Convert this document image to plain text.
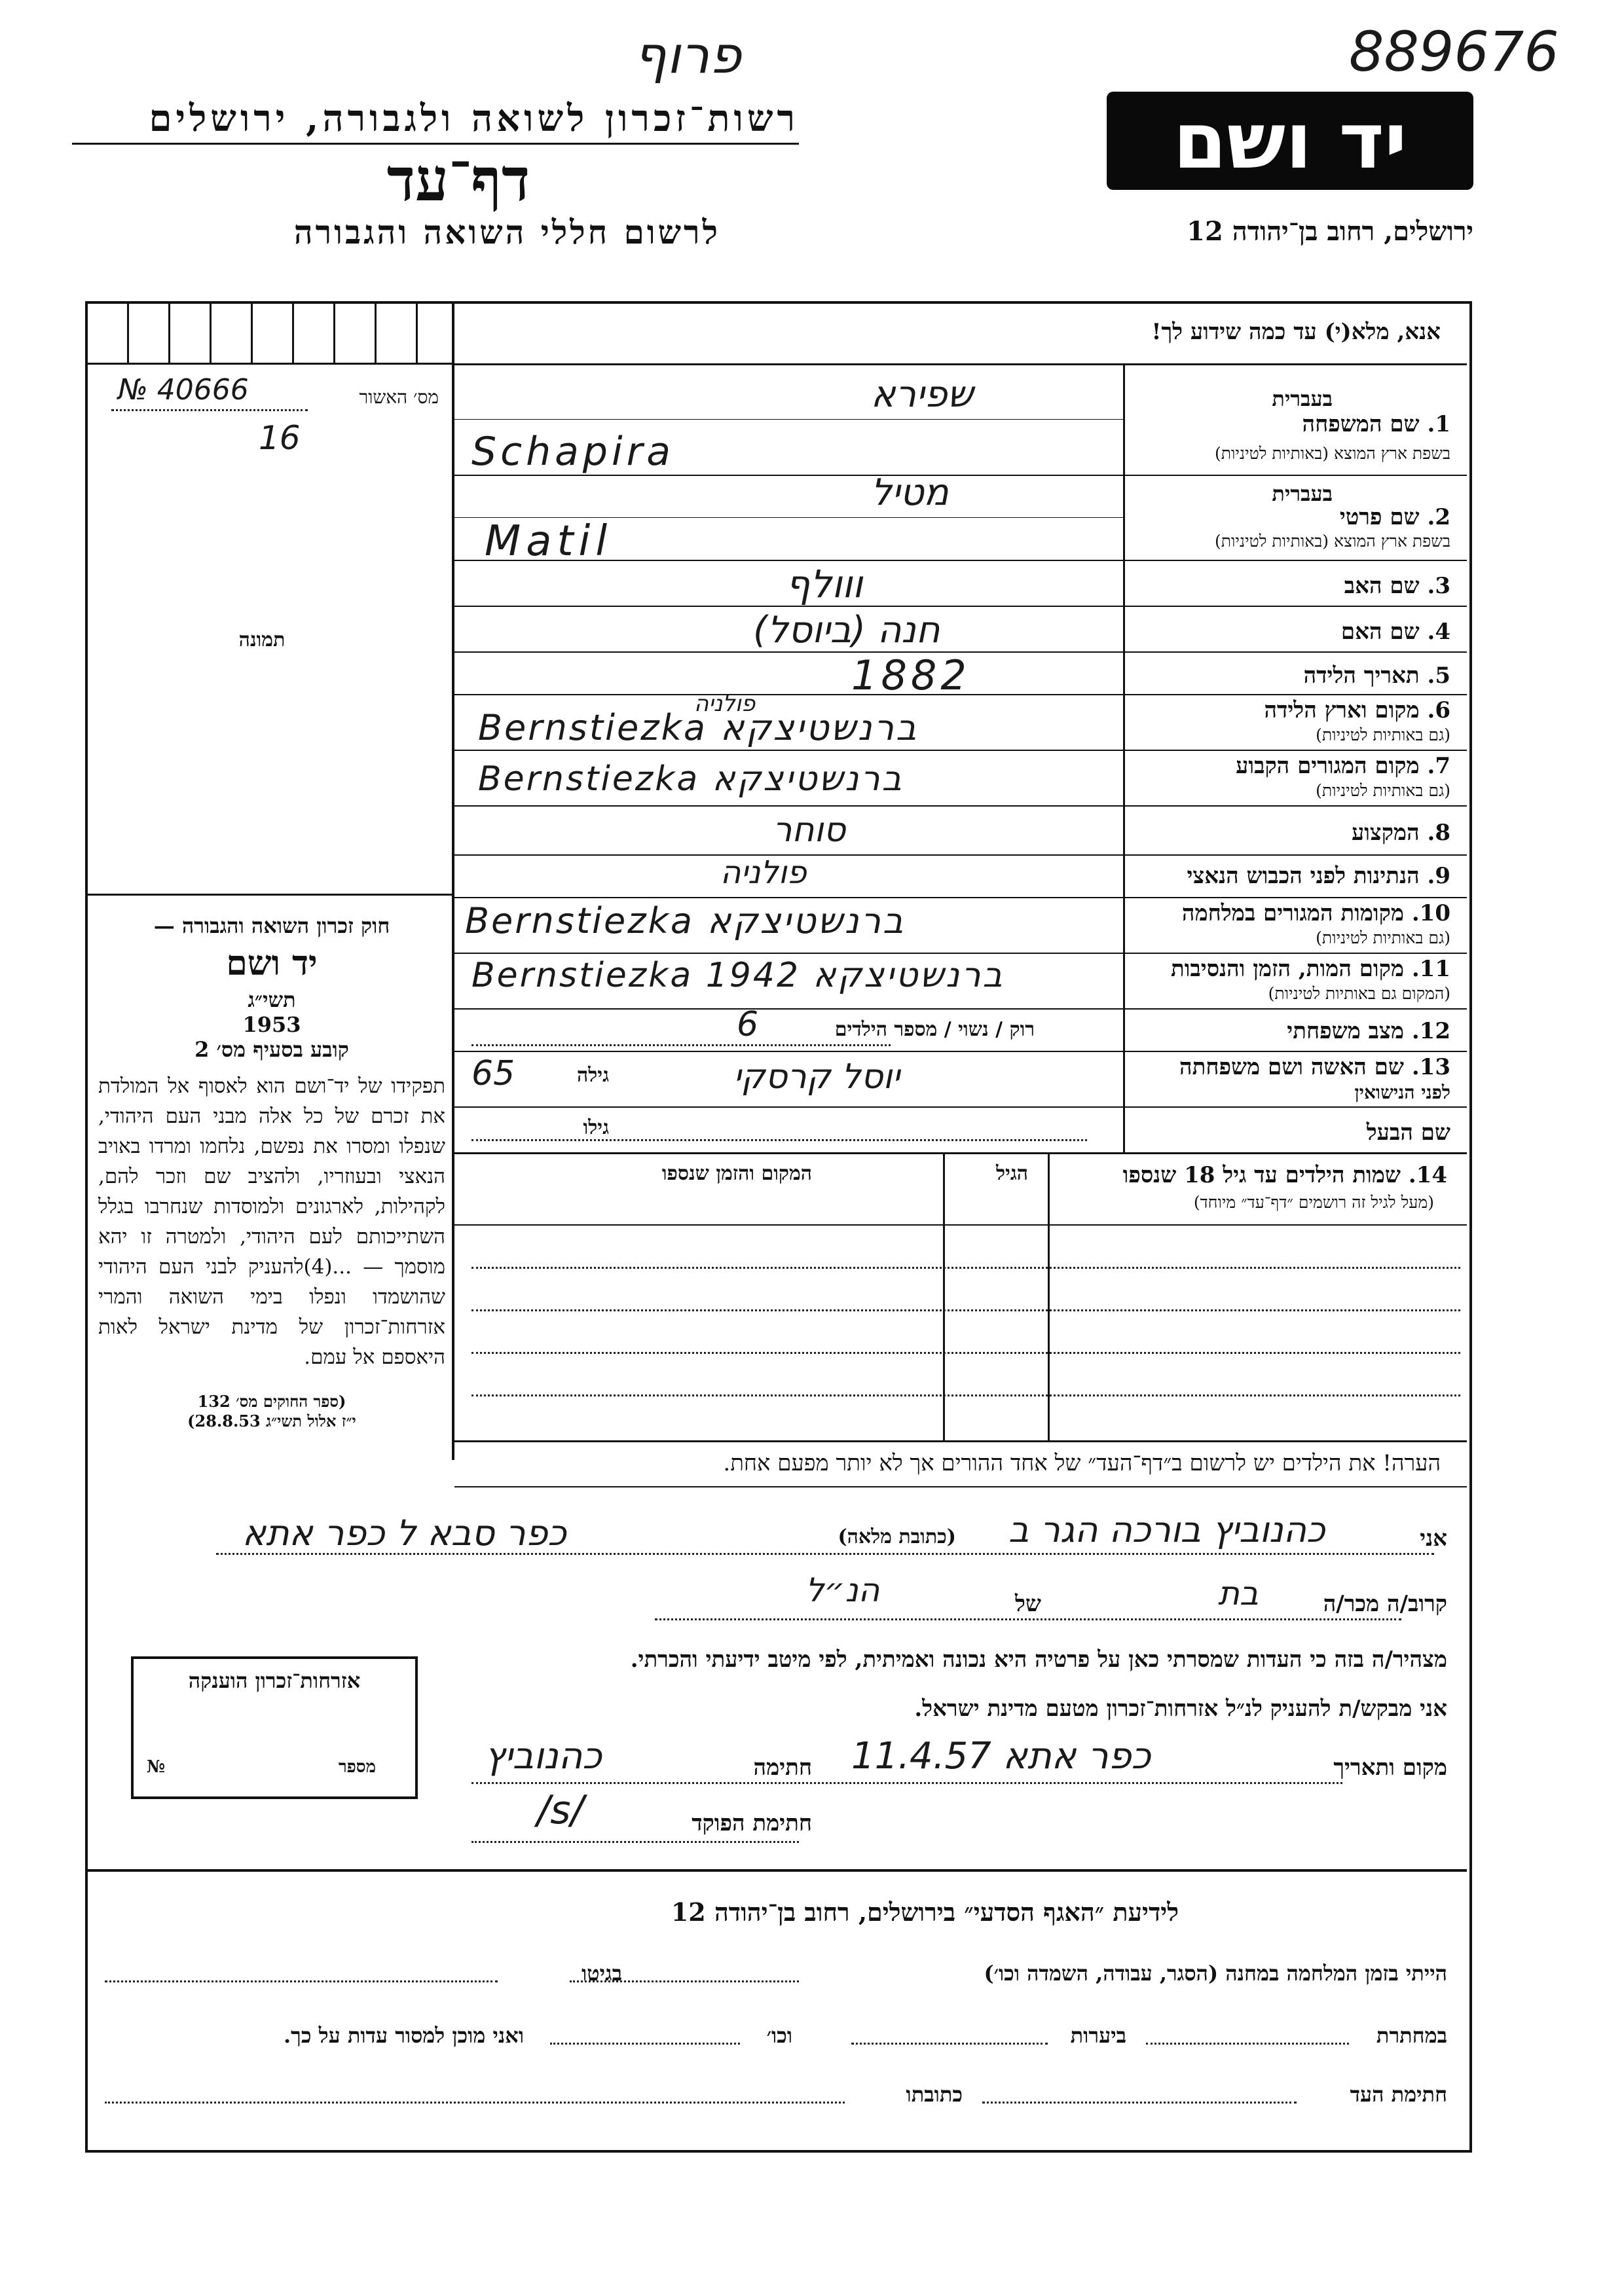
פרוף	889676
רשות־זכרון לשואה ולגבורה, ירושלים
דף־עד
לרשום חללי השואה והגבורה
יד ושם
ירושלים, רחוב בן־יהודה 12
מס׳ האשור
№ 40666
16
תמונה

חוק זכרון השואה והגבורה —

יד ושם

תשי״ג

1953

קובע בסעיף מס׳ 2

תפקידו של יד־ושם הוא לאסוף אל המולדת את זכרם של כל אלה מבני העם היהודי, שנפלו ומסרו את נפשם, נלחמו ומרדו באויב הנאצי ובעוזריו, ולהציב שם וזכר להם, לקהילות, לארגונים ולמוסדות שנחרבו בגלל השתייכותם לעם היהודי, ולמטרה זו יהא מוסמך — ...(4)להעניק לבני העם היהודי שהושמדו ונפלו בימי השואה והמרי אזרחות־זכרון של מדינת ישראל לאות היאספם אל עמם.

(ספר החוקים מס׳ 132

י״ז אלול תשי״ג 28.8.53)

אזרחות־זכרון הוענקה
מספר
№
אנא, מלא(י) עד כמה שידוע לך!
בעברית
1. שם המשפחה
בשפת ארץ המוצא (באותיות לטיניות)
שפירא
Schapira
בעברית
2. שם פרטי
בשפת ארץ המוצא (באותיות לטיניות)
מטיל
Matil
3. שם האב
ווולף
4. שם האם
חנה (ביוסל)
5. תאריך הלידה
1882
6. מקום וארץ הלידה
(גם באותיות לטיניות)
פולניה
ברנשטיצקא Bernstiezka
7. מקום המגורים הקבוע
(גם באותיות לטיניות)
ברנשטיצקא Bernstiezka
8. המקצוע
סוחר
9. הנתינות לפני הכבוש הנאצי
פולניה
10. מקומות המגורים במלחמה
(גם באותיות לטיניות)
ברנשטיצקא Bernstiezka
11. מקום המות, הזמן והנסיבות
(המקום גם באותיות לטיניות)
ברנשטיצקא Bernstiezka 1942
12. מצב משפחתי
רוק / נשוי / מספר הילדים
6
13. שם האשה ושם משפחתה
לפני הנישואין
גילה
65	יוסל קרסקי
שם הבעל
גילו
14. שמות הילדים עד גיל 18 שנספו
(מעל לגיל זה רושמים ״דף־עד״ מיוחד)
הגיל
המקום והזמן שנספו
הערה! את הילדים יש לרשום ב״דף־העד״ של אחד ההורים אך לא יותר מפעם אחת.
אני
כהנוביץ בורכה הגר ב
(כתובת מלאה)
כפר סבא ל כפר אתא
קרוב/ה מכר/ה
בת
של
הנ״ל
מצהיר/ה בזה כי העדות שמסרתי כאן על פרטיה היא נכונה ואמיתית, לפי מיטב ידיעתי והכרתי.
אני מבקש/ת להעניק לנ״ל אזרחות־זכרון מטעם מדינת ישראל.
מקום ותאריך
כפר אתא 11.4.57
חתימה
כהנוביץ
חתימת הפוקד
/s/
לידיעת ״האגף הסדעי״ בירושלים, רחוב בן־יהודה 12
הייתי בזמן המלחמה במחנה (הסגר, עבודה, השמדה וכו׳)
בגיטו
במחתרת
ביערות
וכו׳
ואני מוכן למסור עדות על כך.
חתימת העד
כתובתו
